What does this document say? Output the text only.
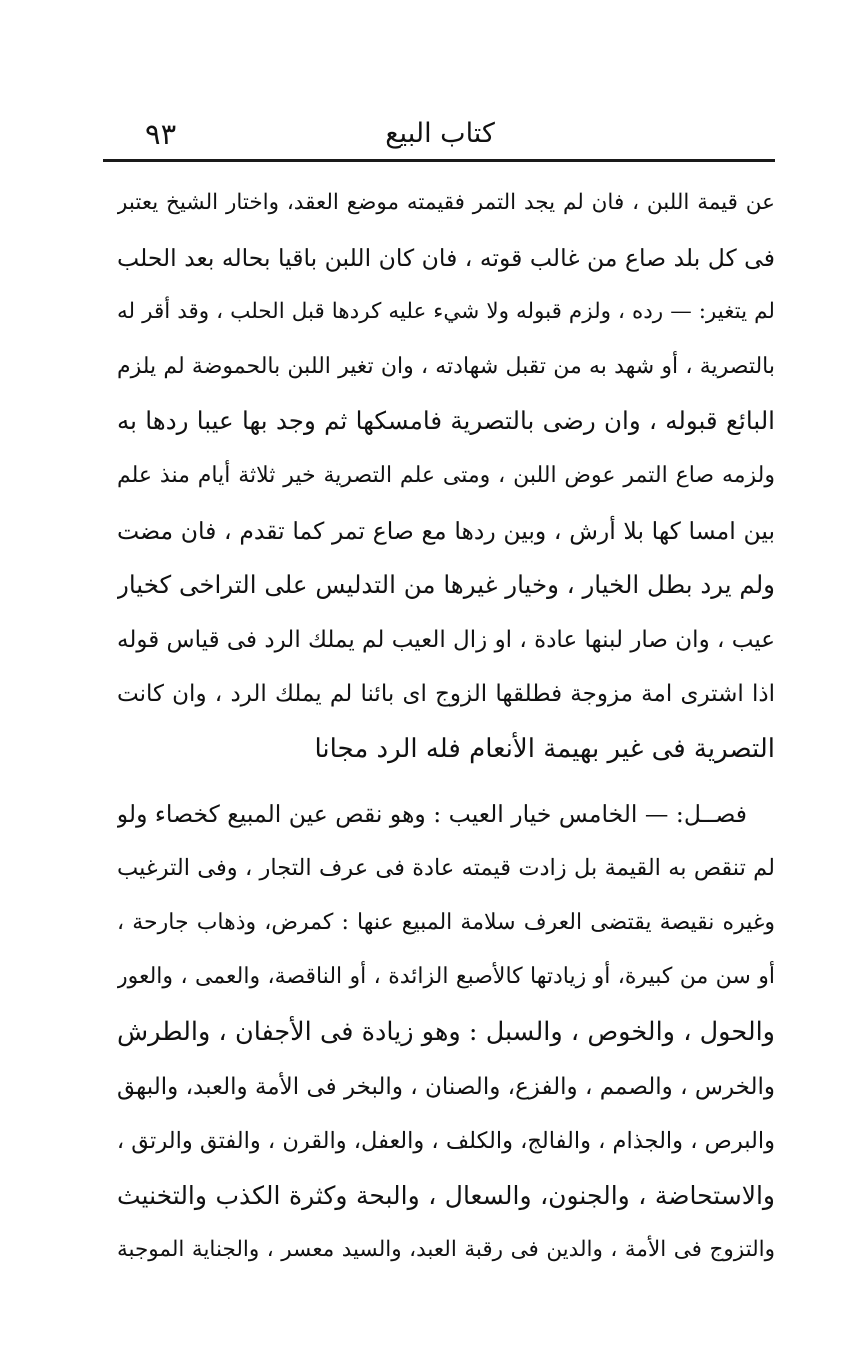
كتاب البيع
٩٣
عن قيمة اللبن ، فان لم يجد التمر فقيمته موضع العقد، واختار الشيخ يعتبر
فى كل بلد صاع من غالب قوته ، فان كان اللبن باقيا بحاله بعد الحلب
لم يتغير: — رده ، ولزم قبوله ولا شيء عليه كردها قبل الحلب ، وقد أقر له
بالتصرية ، أو شهد به من تقبل شهادته ، وان تغير اللبن بالحموضة لم يلزم
البائع قبوله ، وان رضى بالتصرية فامسكها ثم وجد بها عيبا ردها به
ولزمه صاع التمر عوض اللبن ، ومتى علم التصرية خير ثلاثة أيام منذ علم
بين امسا كها بلا أرش ، وبين ردها مع صاع تمر كما تقدم ، فان مضت
ولم يرد بطل الخيار ، وخيار غيرها من التدليس على التراخى كخيار
عيب ، وان صار لبنها عادة ، او زال العيب لم يملك الرد فى قياس قوله
اذا اشترى امة مزوجة فطلقها الزوج اى بائنا لم يملك الرد ، وان كانت
التصرية فى غير بهيمة الأنعام فله الرد مجانا
فصــل: — الخامس خيار العيب : وهو نقص عين المبيع كخصاء ولو
لم تنقص به القيمة بل زادت قيمته عادة فى عرف التجار ، وفى الترغيب
وغيره نقيصة يقتضى العرف سلامة المبيع عنها : كمرض، وذهاب جارحة ،
أو سن من كبيرة، أو زيادتها كالأصبع الزائدة ، أو الناقصة، والعمى ، والعور
والحول ، والخوص ، والسبل : وهو زيادة فى الأجفان ، والطرش
والخرس ، والصمم ، والفزع، والصنان ، والبخر فى الأمة والعبد، والبهق
والبرص ، والجذام ، والفالج، والكلف ، والعفل، والقرن ، والفتق والرتق ،
والاستحاضة ، والجنون، والسعال ، والبحة وكثرة الكذب والتخنيث
والتزوج فى الأمة ، والدين فى رقبة العبد، والسيد معسر ، والجناية الموجبة
